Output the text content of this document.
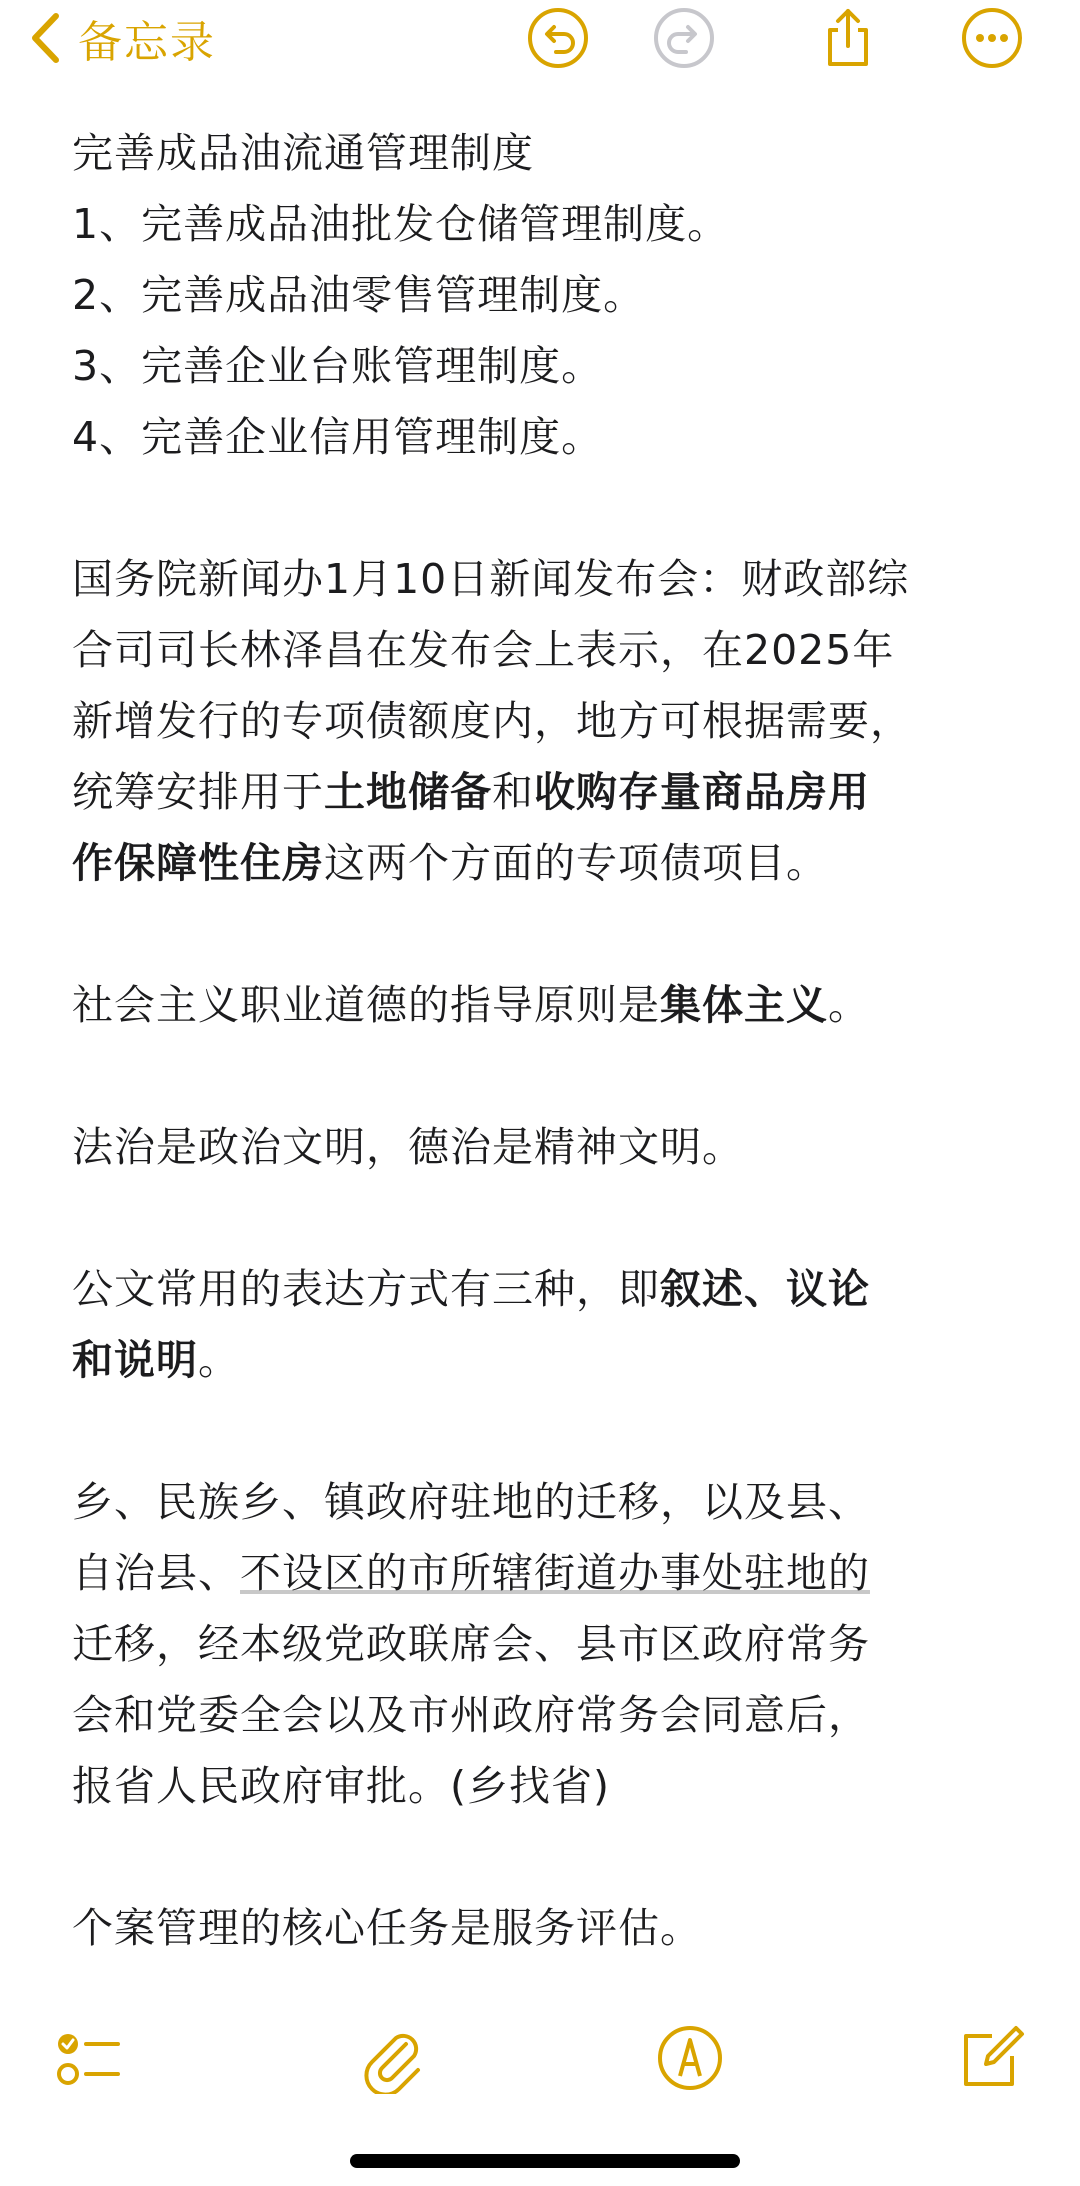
备忘录

完善成品油流通管理制度

1、完善成品油批发仓储管理制度。

2、完善成品油零售管理制度。

3、完善企业台账管理制度。

4、完善企业信用管理制度。

国务院新闻办1月10日新闻发布会：财政部综

合司司长林泽昌在发布会上表示，在2025年

新增发行的专项债额度内，地方可根据需要，

统筹安排用于土地储备和收购存量商品房用

作保障性住房这两个方面的专项债项目。

社会主义职业道德的指导原则是集体主义。

法治是政治文明，德治是精神文明。

公文常用的表达方式有三种，即叙述、议论

和说明。

乡、民族乡、镇政府驻地的迁移，以及县、

自治县、不设区的市所辖街道办事处驻地的

迁移，经本级党政联席会、县市区政府常务

会和党委全会以及市州政府常务会同意后，

报省人民政府审批。(乡找省)

个案管理的核心任务是服务评估。
